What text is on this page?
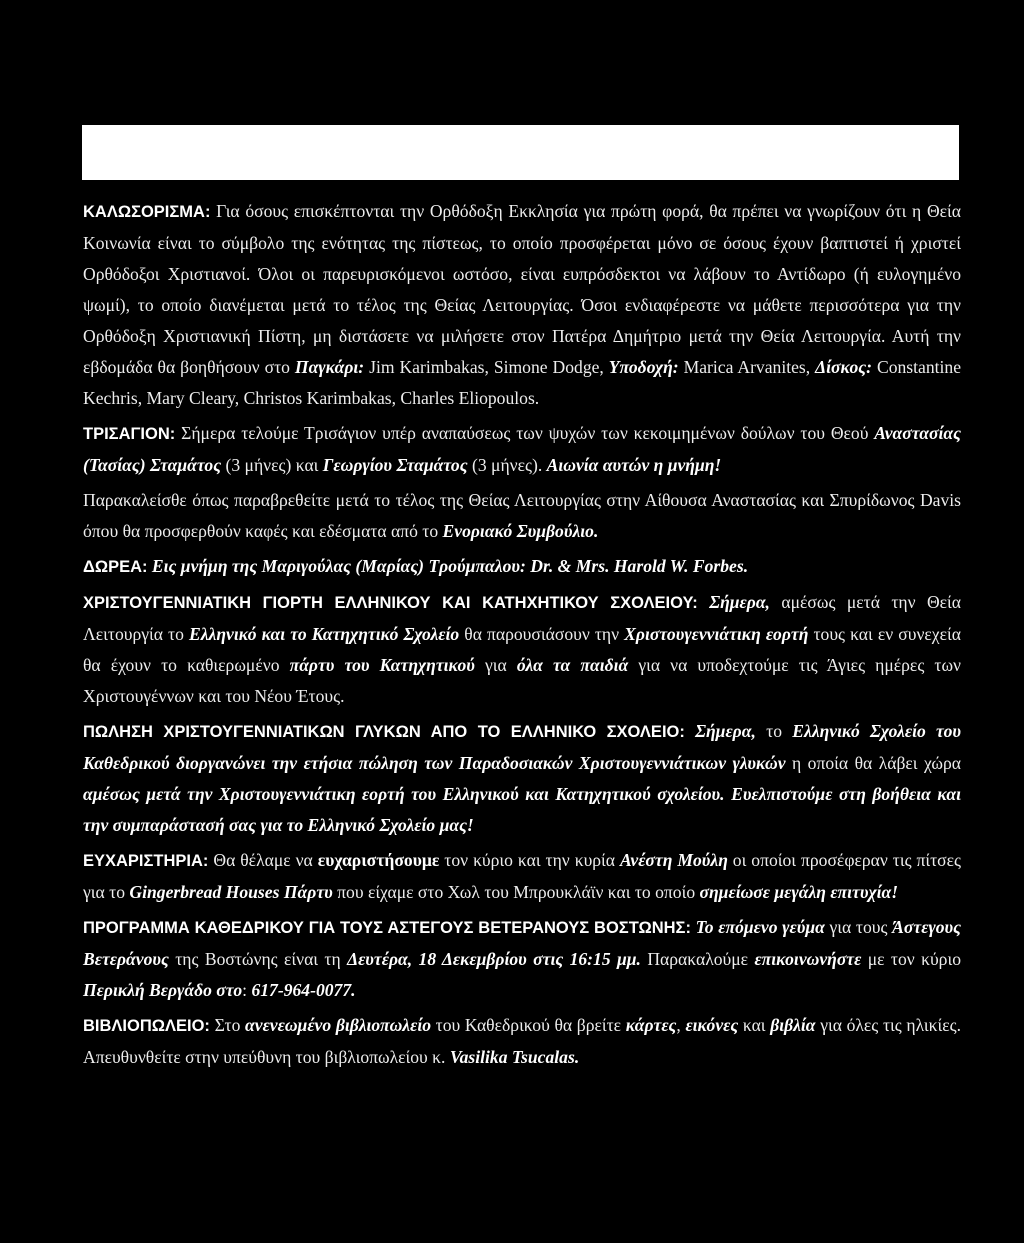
ΚΑΛΩΣΟΡΙΣΜΑ: Για όσους επισκέπτονται την Ορθόδοξη Εκκλησία για πρώτη φορά, θα πρέπει να γνωρίζουν ότι η Θεία Κοινωνία είναι το σύμβολο της ενότητας της πίστεως, το οποίο προσφέρεται μόνο σε όσους έχουν βαπτιστεί ή χριστεί Ορθόδοξοι Χριστιανοί. Όλοι οι παρευρισκόμενοι ωστόσο, είναι ευπρόσδεκτοι να λάβουν το Αντίδωρο (ή ευλογημένο ψωμί), το οποίο διανέμεται μετά το τέλος της Θείας Λειτουργίας. Όσοι ενδιαφέρεστε να μάθετε περισσότερα για την Ορθόδοξη Χριστιανική Πίστη, μη διστάσετε να μιλήσετε στον Πατέρα Δημήτριο μετά την Θεία Λειτουργία. Αυτή την εβδομάδα θα βοηθήσουν στο Παγκάρι: Jim Karimbakas, Simone Dodge, Υποδοχή: Marica Arvanites, Δίσκος: Constantine Kechris, Mary Cleary, Christos Karimbakas, Charles Eliopoulos.

ΤΡΙΣΑΓΙΟΝ: Σήμερα τελούμε Τρισάγιον υπέρ αναπαύσεως των ψυχών των κεκοιμημένων δούλων του Θεού Αναστασίας (Τασίας) Σταμάτος (3 μήνες) και Γεωργίου Σταμάτος (3 μήνες). Αιωνία αυτών η μνήμη!

Παρακαλείσθε όπως παραβρεθείτε μετά το τέλος της Θείας Λειτουργίας στην Αίθουσα Αναστασίας και Σπυρίδωνος Davis όπου θα προσφερθούν καφές και εδέσματα από το Ενοριακό Συμβούλιο.

ΔΩΡΕΑ: Εις μνήμη της Μαριγούλας (Μαρίας) Τρούμπαλου: Dr. & Mrs. Harold W. Forbes.

ΧΡΙΣΤΟΥΓΕΝΝΙΑΤΙΚΗ ΓΙΟΡΤΗ ΕΛΛΗΝΙΚΟΥ ΚΑΙ ΚΑΤΗΧΗΤΙΚΟΥ ΣΧΟΛΕΙΟΥ: Σήμερα, αμέσως μετά την Θεία Λειτουργία το Ελληνικό και το Κατηχητικό Σχολείο θα παρουσιάσουν την Χριστουγεννιάτικη εορτή τους και εν συνεχεία θα έχουν το καθιερωμένο πάρτυ του Κατηχητικού για όλα τα παιδιά για να υποδεχτούμε τις Άγιες ημέρες των Χριστουγέννων και του Νέου Έτους.

ΠΩΛΗΣΗ ΧΡΙΣΤΟΥΓΕΝΝΙΑΤΙΚΩΝ ΓΛΥΚΩΝ ΑΠΟ ΤΟ ΕΛΛΗΝΙΚΟ ΣΧΟΛΕΙΟ: Σήμερα, το Ελληνικό Σχολείο του Καθεδρικού διοργανώνει την ετήσια πώληση των Παραδοσιακών Χριστουγεννιάτικων γλυκών η οποία θα λάβει χώρα αμέσως μετά την Χριστουγεννιάτικη εορτή του Ελληνικού και Κατηχητικού σχολείου. Ευελπιστούμε στη βοήθεια και την συμπαράστασή σας για το Ελληνικό Σχολείο μας!

ΕΥΧΑΡΙΣΤΗΡΙΑ: Θα θέλαμε να ευχαριστήσουμε τον κύριο και την κυρία Ανέστη Μούλη οι οποίοι προσέφεραν τις πίτσες για το Gingerbread Houses Πάρτυ που είχαμε στο Χωλ του Μπρουκλάϊν και το οποίο σημείωσε μεγάλη επιτυχία!

ΠΡΟΓΡΑΜΜΑ ΚΑΘΕΔΡΙΚΟΥ ΓΙΑ ΤΟΥΣ ΑΣΤΕΓΟΥΣ ΒΕΤΕΡΑΝΟΥΣ ΒΟΣΤΩΝΗΣ: Το επόμενο γεύμα για τους Άστεγους Βετεράνους της Βοστώνης είναι τη Δευτέρα, 18 Δεκεμβρίου στις 16:15 μμ. Παρακαλούμε επικοινωνήστε με τον κύριο Περικλή Βεργάδο στο: 617-964-0077.

ΒΙΒΛΙΟΠΩΛΕΙΟ: Στο ανενεωμένο βιβλιοπωλείο του Καθεδρικού θα βρείτε κάρτες, εικόνες και βιβλία για όλες τις ηλικίες. Απευθυνθείτε στην υπεύθυνη του βιβλιοπωλείου κ. Vasilika Tsucalas.
